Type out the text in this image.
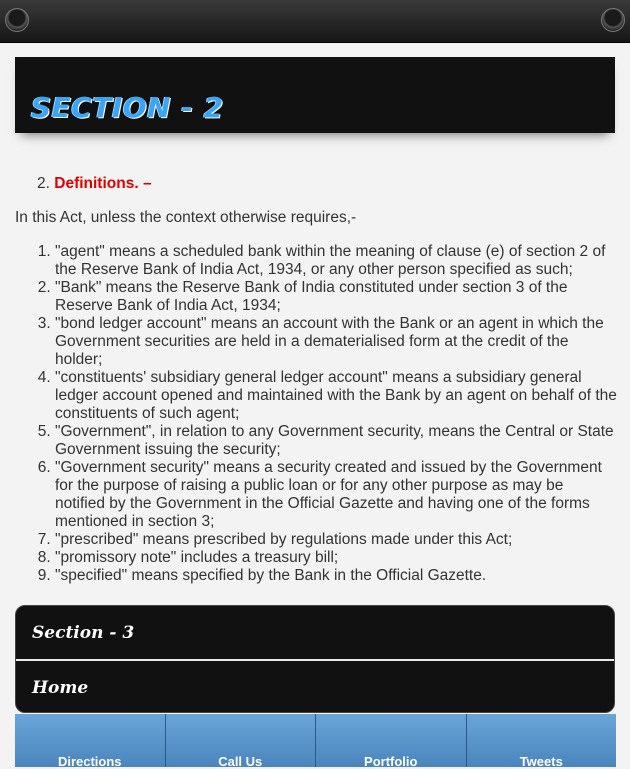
SECTION - 2
2. Definitions. –
In this Act, unless the context otherwise requires,-
1. "agent" means a scheduled bank within the meaning of clause (e) of section 2 of the Reserve Bank of India Act, 1934, or any other person specified as such;
2. "Bank" means the Reserve Bank of India constituted under section 3 of the Reserve Bank of India Act, 1934;
3. "bond ledger account" means an account with the Bank or an agent in which the Government securities are held in a dematerialised form at the credit of the holder;
4. "constituents' subsidiary general ledger account" means a subsidiary general ledger account opened and maintained with the Bank by an agent on behalf of the constituents of such agent;
5. "Government", in relation to any Government security, means the Central or State Government issuing the security;
6. "Government security" means a security created and issued by the Government for the purpose of raising a public loan or for any other purpose as may be notified by the Government in the Official Gazette and having one of the forms mentioned in section 3;
7. "prescribed" means prescribed by regulations made under this Act;
8. "promissory note" includes a treasury bill;
9. "specified" means specified by the Bank in the Official Gazette.
Section - 3
Home
Directions	Call Us	Portfolio	Tweets
